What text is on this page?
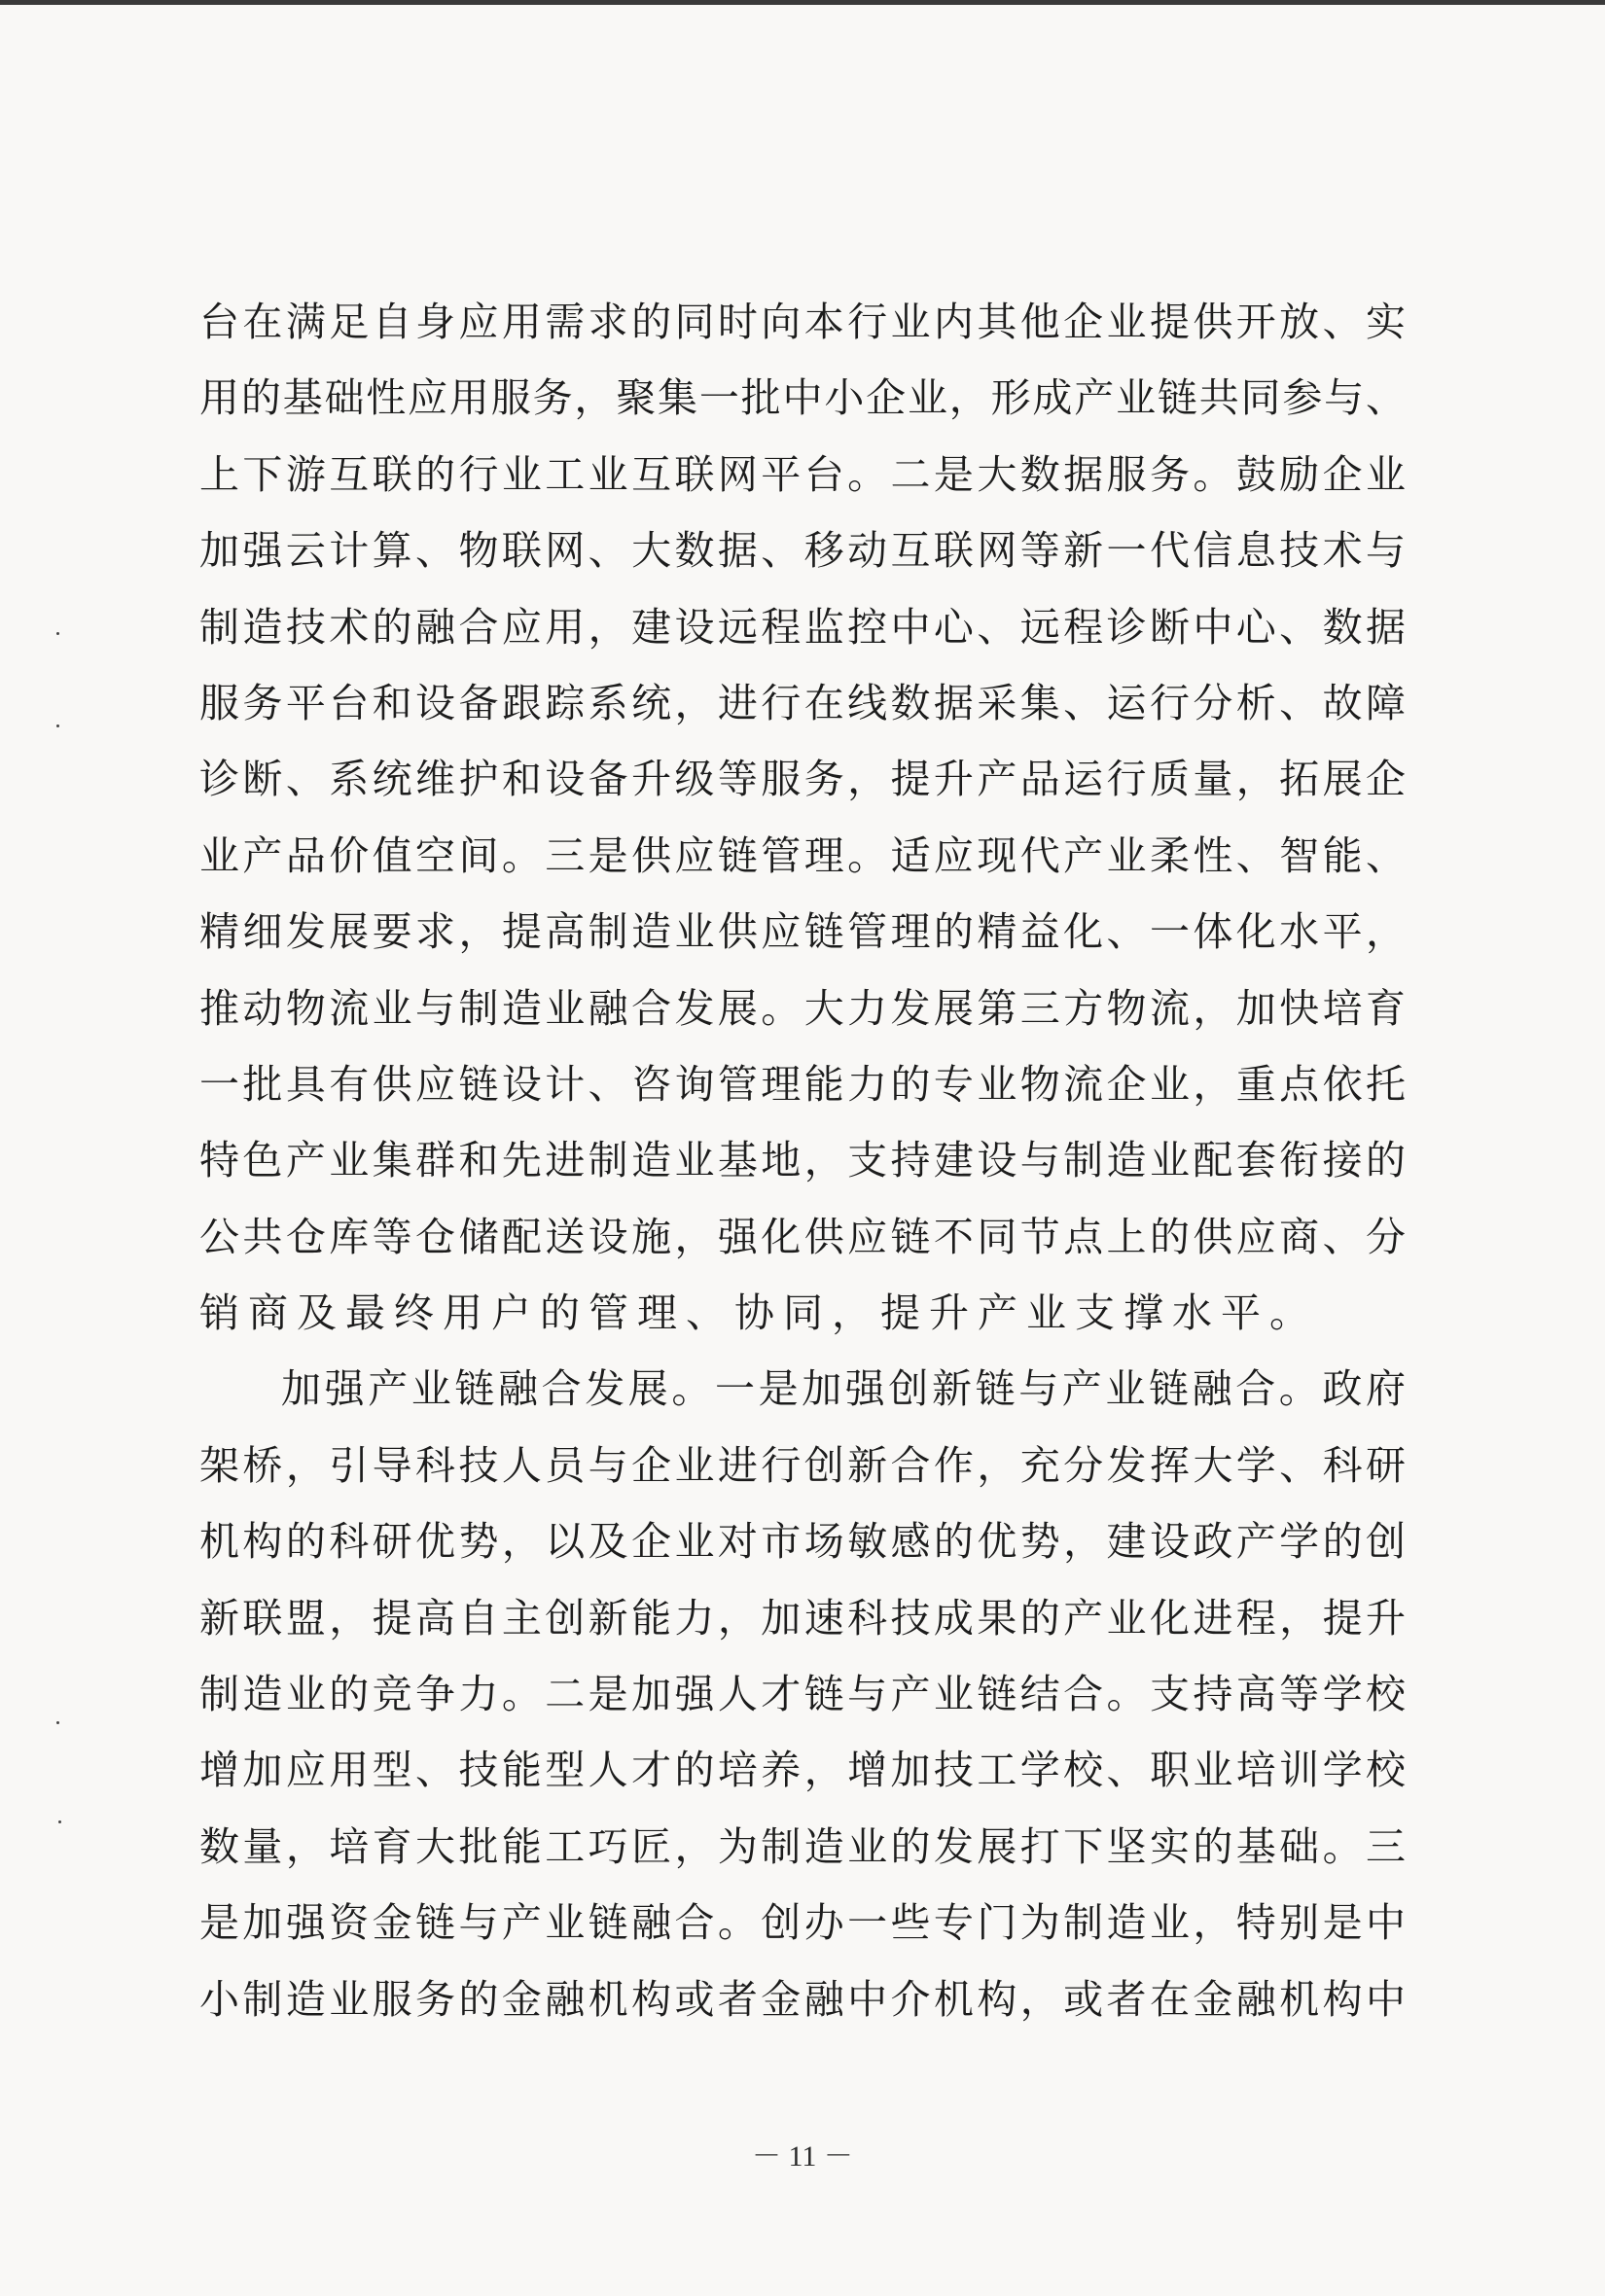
台在满足自身应用需求的同时向本行业内其他企业提供开放、实
用的基础性应用服务，聚集一批中小企业，形成产业链共同参与、
上下游互联的行业工业互联网平台。二是大数据服务。鼓励企业
加强云计算、物联网、大数据、移动互联网等新一代信息技术与
制造技术的融合应用，建设远程监控中心、远程诊断中心、数据
服务平台和设备跟踪系统，进行在线数据采集、运行分析、故障
诊断、系统维护和设备升级等服务，提升产品运行质量，拓展企
业产品价值空间。三是供应链管理。适应现代产业柔性、智能、
精细发展要求，提高制造业供应链管理的精益化、一体化水平，
推动物流业与制造业融合发展。大力发展第三方物流，加快培育
一批具有供应链设计、咨询管理能力的专业物流企业，重点依托
特色产业集群和先进制造业基地，支持建设与制造业配套衔接的
公共仓库等仓储配送设施，强化供应链不同节点上的供应商、分
销商及最终用户的管理、协同，提升产业支撑水平。
加强产业链融合发展。一是加强创新链与产业链融合。政府
架桥，引导科技人员与企业进行创新合作，充分发挥大学、科研
机构的科研优势，以及企业对市场敏感的优势，建设政产学的创
新联盟，提高自主创新能力，加速科技成果的产业化进程，提升
制造业的竞争力。二是加强人才链与产业链结合。支持高等学校
增加应用型、技能型人才的培养，增加技工学校、职业培训学校
数量，培育大批能工巧匠，为制造业的发展打下坚实的基础。三
是加强资金链与产业链融合。创办一些专门为制造业，特别是中
小制造业服务的金融机构或者金融中介机构，或者在金融机构中
－ 11 －
